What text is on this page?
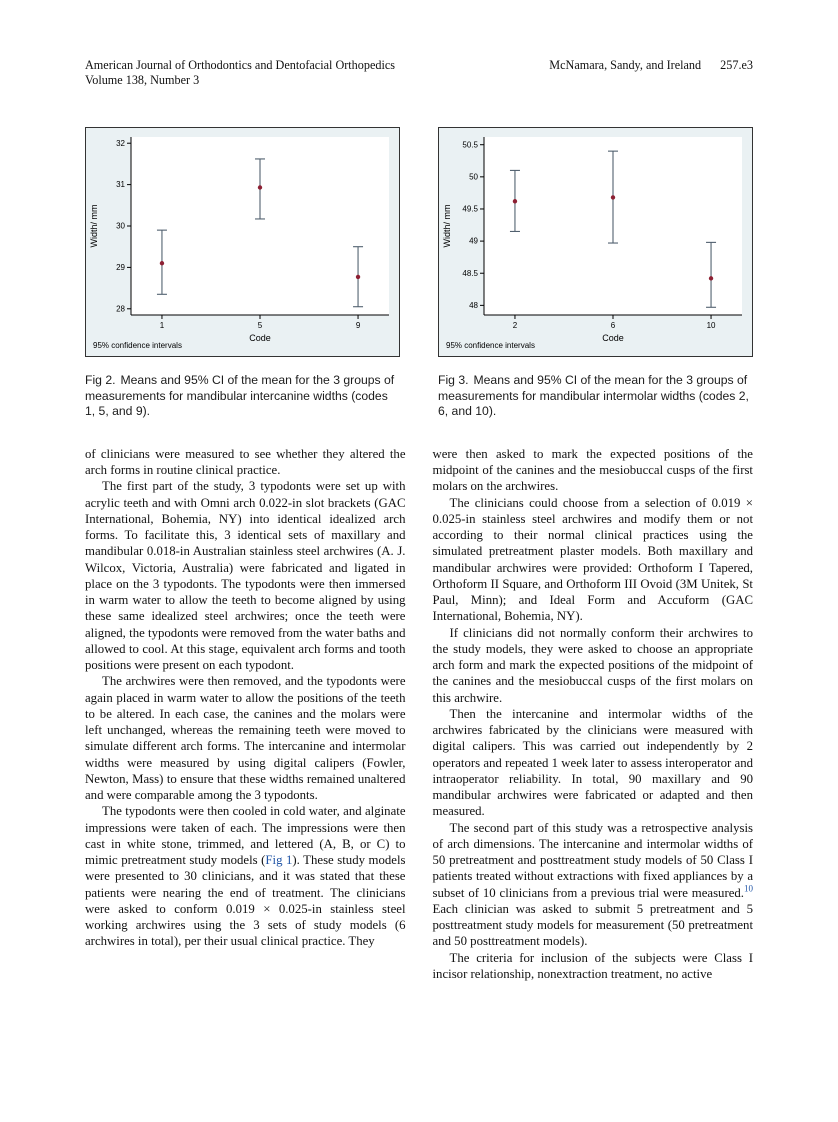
American Journal of Orthodontics and Dentofacial Orthopedics
Volume 138, Number 3
McNamara, Sandy, and Ireland 257.e3
28
29
30
31
32
1	5	9
Code
Width/ mm
95% confidence intervals
Fig 2. Means and 95% CI of the mean for the 3 groups of measurements for mandibular intercanine widths (codes 1, 5, and 9).
48
48.5
49
49.5
50
50.5
2	6	10
Code
Width/ mm
95% confidence intervals
Fig 3. Means and 95% CI of the mean for the 3 groups of measurements for mandibular intermolar widths (codes 2, 6, and 10).

of clinicians were measured to see whether they altered the arch forms in routine clinical practice.

The first part of the study, 3 typodonts were set up with acrylic teeth and with Omni arch 0.022-in slot brackets (GAC International, Bohemia, NY) into identical idealized arch forms. To facilitate this, 3 identical sets of maxillary and mandibular 0.018-in Australian stainless steel archwires (A. J. Wilcox, Victoria, Australia) were fabricated and ligated in place on the 3 typodonts. The typodonts were then immersed in warm water to allow the teeth to become aligned by using these same idealized steel archwires; once the teeth were aligned, the typodonts were removed from the water baths and allowed to cool. At this stage, equivalent arch forms and tooth positions were present on each typodont.

The archwires were then removed, and the typodonts were again placed in warm water to allow the positions of the teeth to be altered. In each case, the canines and the molars were left unchanged, whereas the remaining teeth were moved to simulate different arch forms. The intercanine and intermolar widths were measured by using digital calipers (Fowler, Newton, Mass) to ensure that these widths remained unaltered and were comparable among the 3 typodonts.

The typodonts were then cooled in cold water, and alginate impressions were taken of each. The impressions were then cast in white stone, trimmed, and lettered (A, B, or C) to mimic pretreatment study models (Fig 1). These study models were presented to 30 clinicians, and it was stated that these patients were nearing the end of treatment. The clinicians were asked to conform 0.019 × 0.025-in stainless steel working archwires using the 3 sets of study models (6 archwires in total), per their usual clinical practice. They

were then asked to mark the expected positions of the midpoint of the canines and the mesiobuccal cusps of the first molars on the archwires.

The clinicians could choose from a selection of 0.019 × 0.025-in stainless steel archwires and modify them or not according to their normal clinical practices using the simulated pretreatment plaster models. Both maxillary and mandibular archwires were provided: Orthoform I Tapered, Orthoform II Square, and Orthoform III Ovoid (3M Unitek, St Paul, Minn); and Ideal Form and Accuform (GAC International, Bohemia, NY).

If clinicians did not normally conform their archwires to the study models, they were asked to choose an appropriate arch form and mark the expected positions of the midpoint of the canines and the mesiobuccal cusps of the first molars on this archwire.

Then the intercanine and intermolar widths of the archwires fabricated by the clinicians were measured with digital calipers. This was carried out independently by 2 operators and repeated 1 week later to assess interoperator and intraoperator reliability. In total, 90 maxillary and 90 mandibular archwires were fabricated or adapted and then measured.

The second part of this study was a retrospective analysis of arch dimensions. The intercanine and intermolar widths of 50 pretreatment and posttreatment study models of 50 Class I patients treated without extractions with fixed appliances by a subset of 10 clinicians from a previous trial were measured.$^{10}$ Each clinician was asked to submit 5 pretreatment and 5 posttreatment study models for measurement (50 pretreatment and 50 posttreatment models).

The criteria for inclusion of the subjects were Class I incisor relationship, nonextraction treatment, no active
